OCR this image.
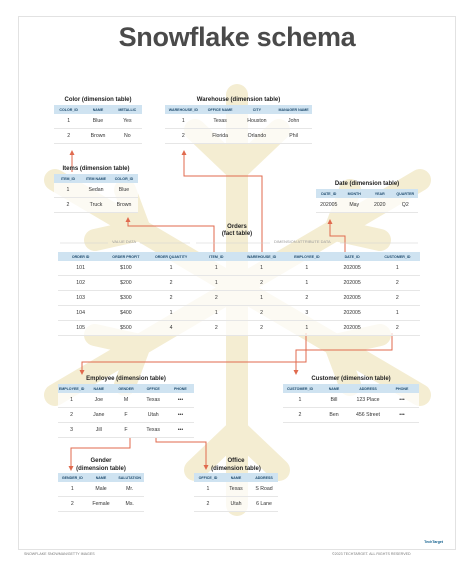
Snowflake schema
Color (dimension table)
COLOR_ID	NAME	METALLIC
1	Blue	Yes
2	Brown	No
Warehouse (dimension table)
WAREHOUSE_ID	OFFICE NAME	CITY	MANAGER NAME
1	Texas	Houston	John
2	Florida	Orlando	Phil
Items (dimension table)
ITEM_ID	ITEM NAME	COLOR_ID
1	Sedan	Blue
2	Truck	Brown
Date (dimension table)
DATE_ID	MONTH	YEAR	QUARTER
202005	May	2020	Q2
Orders
(fact table)
VALUE DATA	DIMENSION ATTRIBUTE DATA
ORDER ID	ORDER PROFIT	ORDER QUANTITY	ITEM_ID	WAREHOUSE_ID	EMPLOYEE_ID	DATE_ID	CUSTOMER_ID
101	$100	1	1	1	1	202005	1
102	$200	2	1	2	1	202005	2
103	$300	2	2	1	2	202005	2
104	$400	1	1	2	3	202005	1
105	$500	4	2	2	1	202005	2
Employee (dimension table)
EMPLOYEE_ID	NAME	GENDER	OFFICE	PHONE
1	Joe	M	Texas	•••
2	Jane	F	Utah	•••
3	Jill	F	Texas	•••
Customer (dimension table)
CUSTOMER_ID	NAME	ADDRESS	PHONE
1	Bill	123 Place	•••
2	Ben	456 Street	•••
Gender
(dimension table)
GENDER_ID	NAME	SALUTATION
1	Male	Mr.
2	Female	Ms.
Office
(dimension table)
OFFICE_ID	NAME	ADDRESS
1	Texas	S Road
2	Utah	6 Lane
SNOWFLAKE SNOWMAN/GETTY IMAGES	©2023 TECHTARGET. ALL RIGHTS RESERVED
TechTarget
